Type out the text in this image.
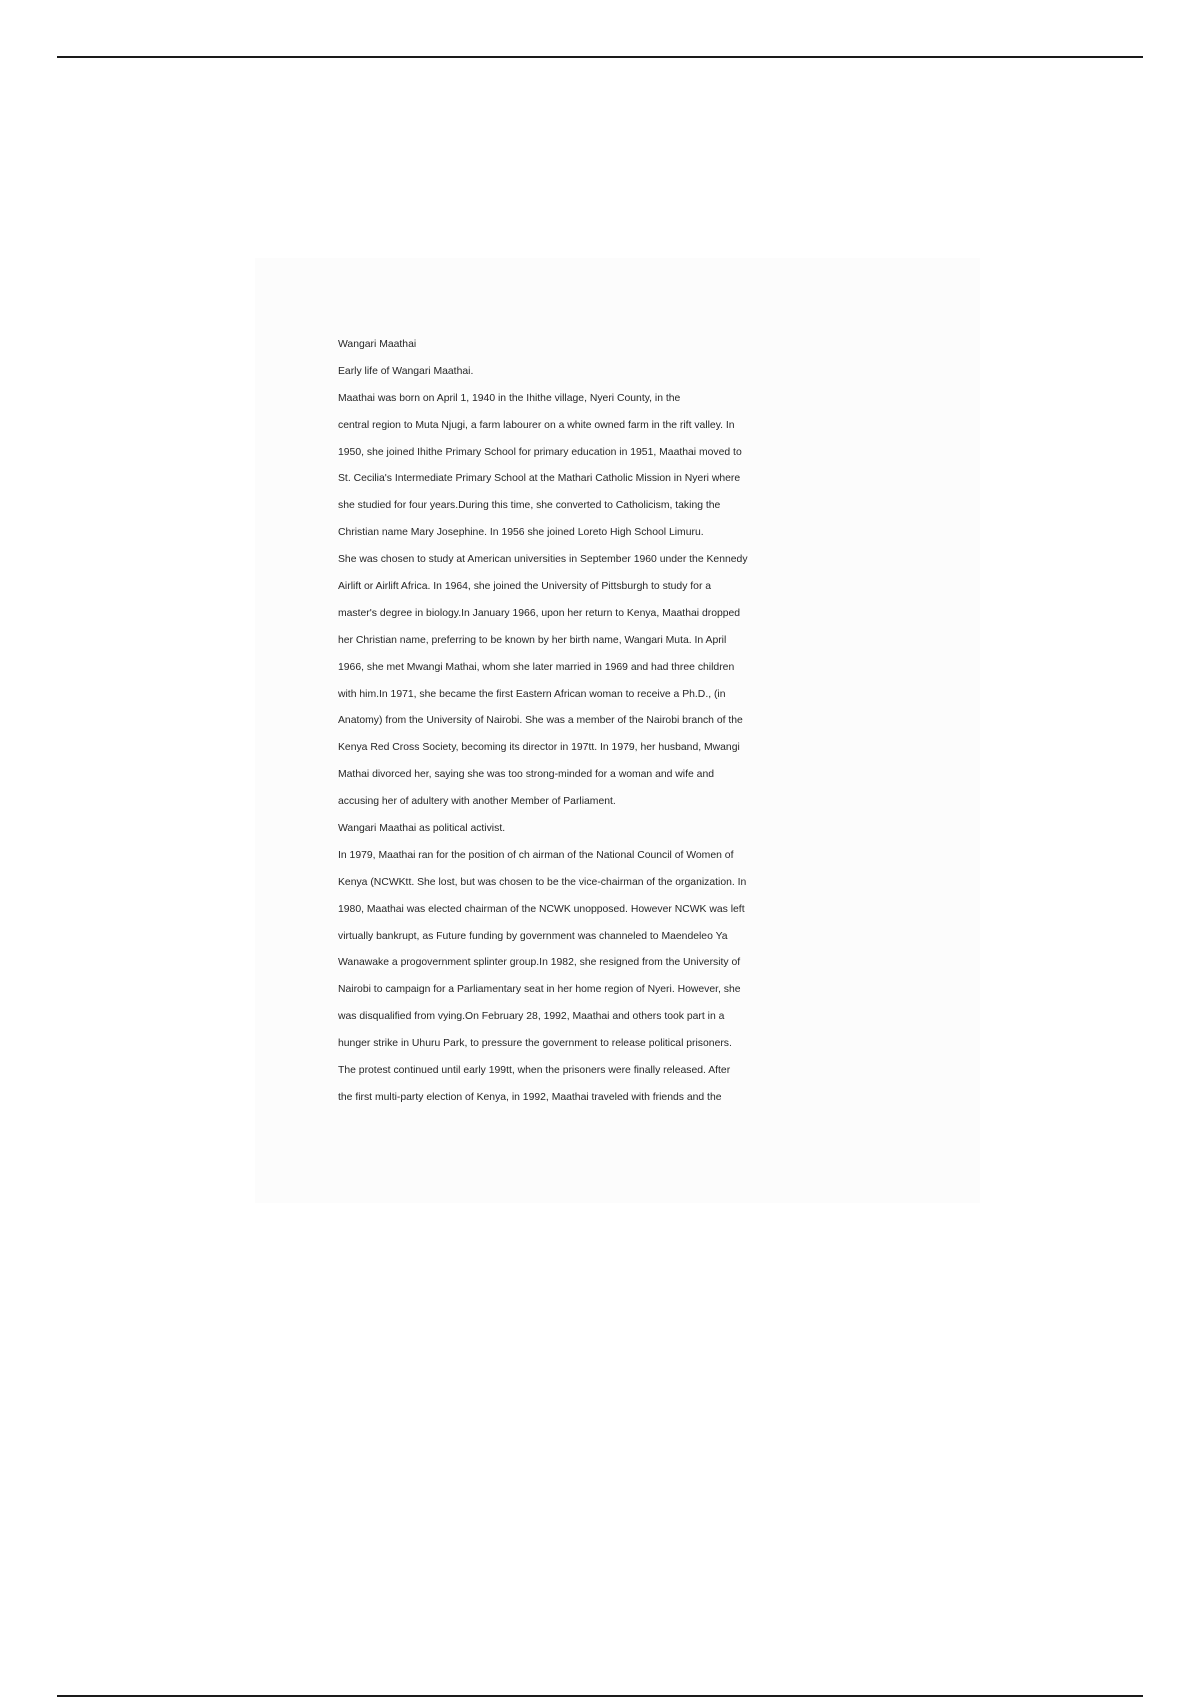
Wangari Maathai
Early life of Wangari Maathai.
Maathai was born on April 1, 1940 in the Ihithe village, Nyeri County, in the
central region to Muta Njugi, a farm labourer on a white owned farm in the rift valley. In
1950, she joined Ihithe Primary School for primary education in 1951, Maathai moved to
St. Cecilia's Intermediate Primary School at the Mathari Catholic Mission in Nyeri where
she studied for four years.During this time, she converted to Catholicism, taking the
Christian name Mary Josephine. In 1956 she joined Loreto High School Limuru.
She was chosen to study at American universities in September 1960 under the Kennedy
Airlift or Airlift Africa. In 1964, she joined the University of Pittsburgh to study for a
master's degree in biology.In January 1966, upon her return to Kenya, Maathai dropped
her Christian name, preferring to be known by her birth name, Wangari Muta. In April
1966, she met Mwangi Mathai, whom she later married in 1969 and had three children
with him.In 1971, she became the first Eastern African woman to receive a Ph.D., (in
Anatomy) from the University of Nairobi. She was a member of the Nairobi branch of the
Kenya Red Cross Society, becoming its director in 197tt. In 1979, her husband, Mwangi
Mathai divorced her, saying she was too strong-minded for a woman and wife and
accusing her of adultery with another Member of Parliament.
Wangari Maathai as political activist.
In 1979, Maathai ran for the position of ch airman of the National Council of Women of
Kenya (NCWKtt. She lost, but was chosen to be the vice-chairman of the organization. In
1980, Maathai was elected chairman of the NCWK unopposed. However NCWK was left
virtually bankrupt, as Future funding by government was channeled to Maendeleo Ya
Wanawake a progovernment splinter group.In 1982, she resigned from the University of
Nairobi to campaign for a Parliamentary seat in her home region of Nyeri. However, she
was disqualified from vying.On February 28, 1992, Maathai and others took part in a
hunger strike in Uhuru Park, to pressure the government to release political prisoners.
The protest continued until early 199tt, when the prisoners were finally released. After
the first multi-party election of Kenya, in 1992, Maathai traveled with friends and the
